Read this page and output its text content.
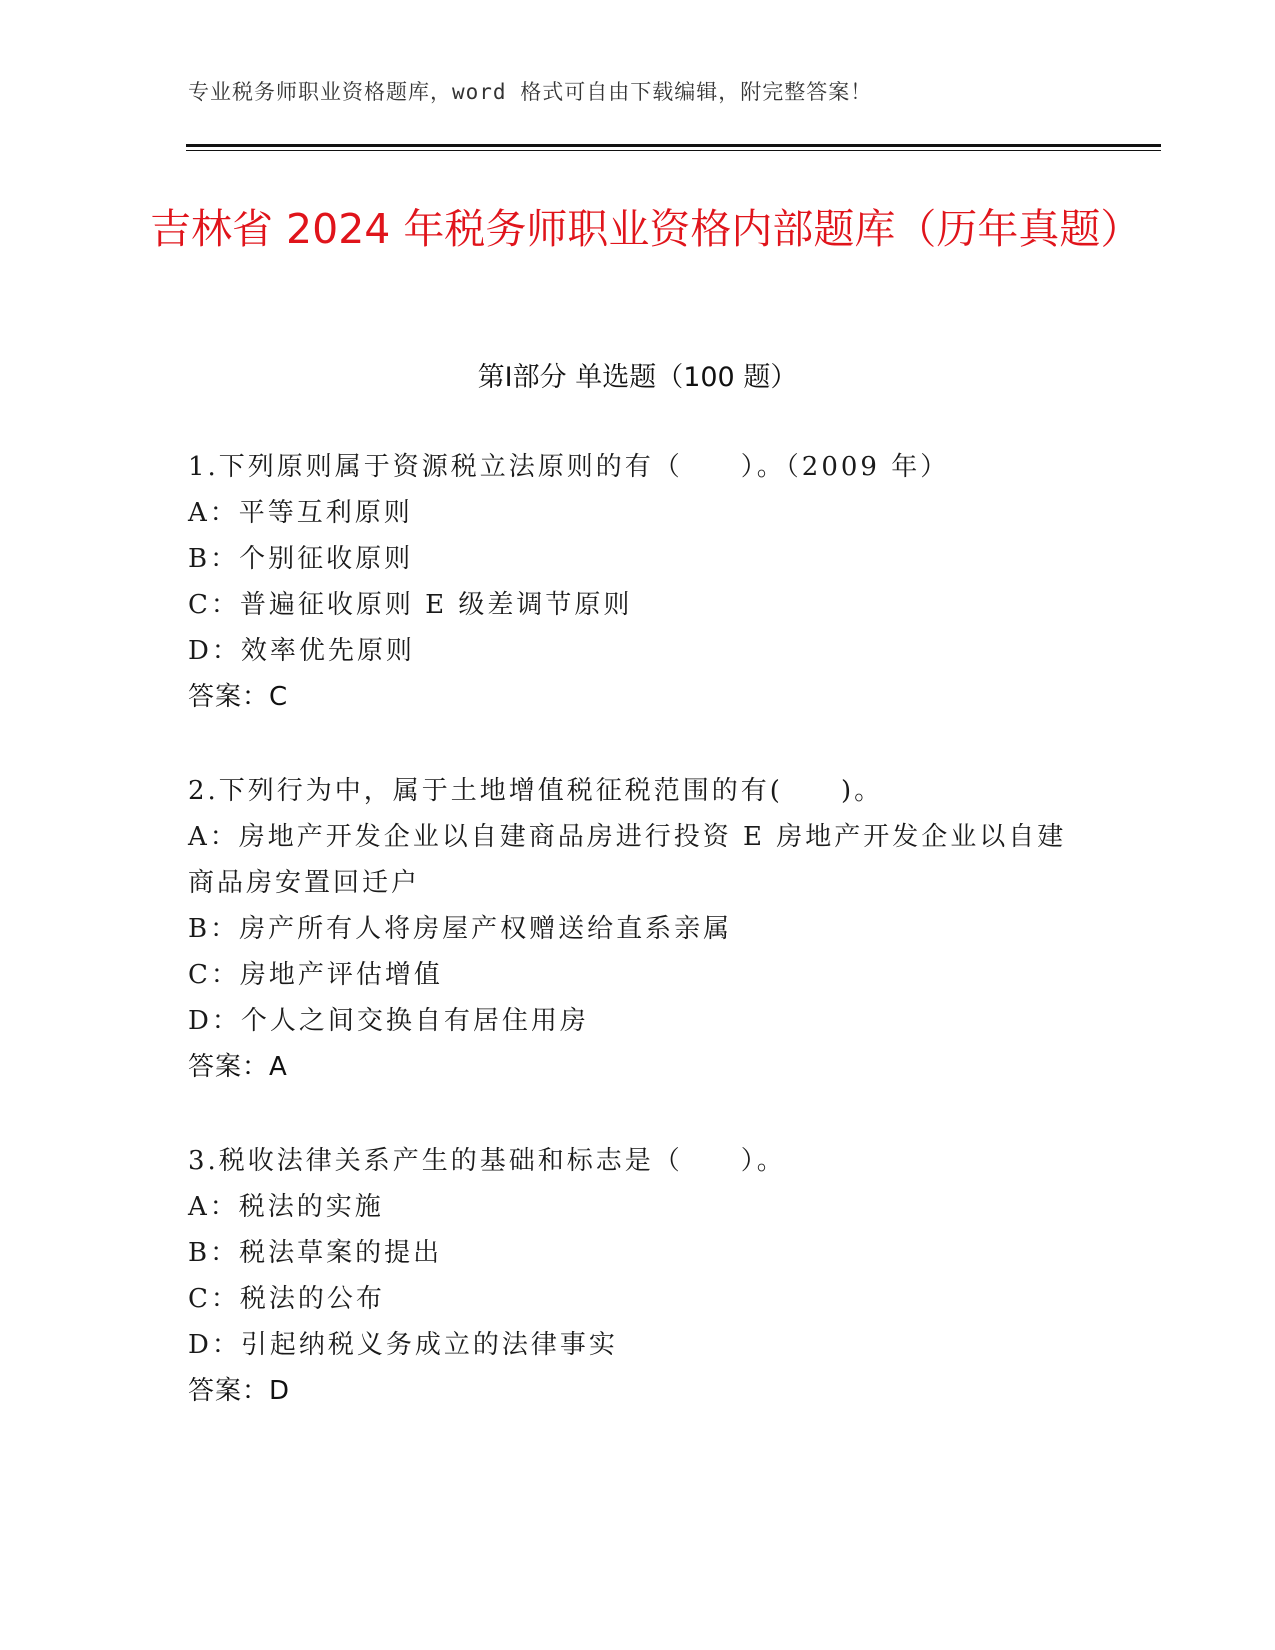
专业税务师职业资格题库，word 格式可自由下载编辑，附完整答案！
吉林省 2024 年税务师职业资格内部题库（历年真题）
第Ⅰ部分 单选题（100 题）

1.下列原则属于资源税立法原则的有（　　）。（2009 年）

A：平等互利原则

B：个别征收原则

C：普遍征收原则 E 级差调节原则

D：效率优先原则

答案：C

2.下列行为中，属于土地增值税征税范围的有(　　)。

A：房地产开发企业以自建商品房进行投资 E 房地产开发企业以自建商品房安置回迁户

B：房产所有人将房屋产权赠送给直系亲属

C：房地产评估增值

D：个人之间交换自有居住用房

答案：A

3.税收法律关系产生的基础和标志是（　　）。

A：税法的实施

B：税法草案的提出

C：税法的公布

D：引起纳税义务成立的法律事实

答案：D
